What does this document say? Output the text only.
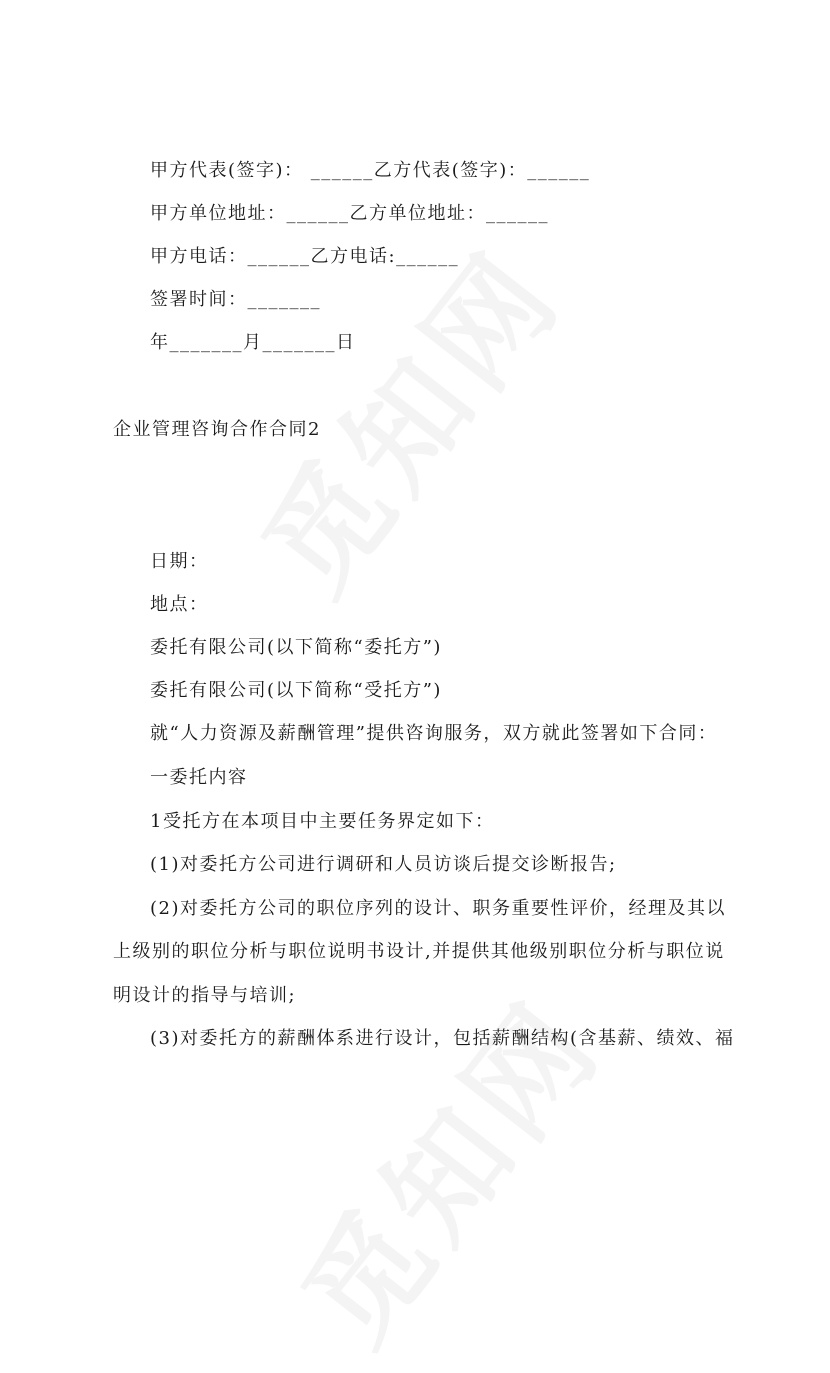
甲方代表(签字)： ______乙方代表(签字)：______
甲方单位地址：______乙方单位地址：______
甲方电话：______乙方电话:______
签署时间：_______
年_______月_______日
企业管理咨询合作合同2
日期：
地点：
委托有限公司(以下简称“委托方”)
委托有限公司(以下简称“受托方”)
就“人力资源及薪酬管理”提供咨询服务，双方就此签署如下合同：
一委托内容
1受托方在本项目中主要任务界定如下：
(1)对委托方公司进行调研和人员访谈后提交诊断报告;
(2)对委托方公司的职位序列的设计、职务重要性评价，经理及其以
上级别的职位分析与职位说明书设计,并提供其他级别职位分析与职位说
明设计的指导与培训;
(3)对委托方的薪酬体系进行设计，包括薪酬结构(含基薪、绩效、福
